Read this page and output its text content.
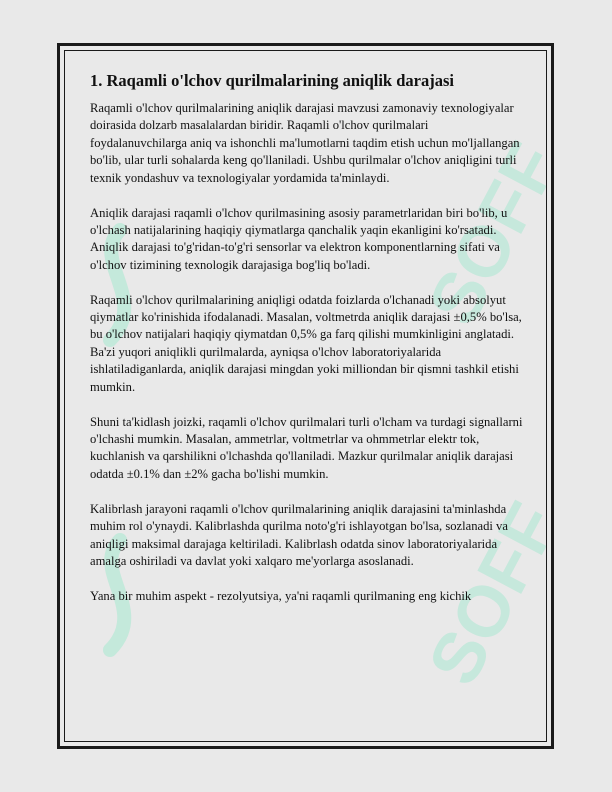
SOFF
SOFF
1. Raqamli o'lchov qurilmalarining aniqlik darajasi

Raqamli o'lchov qurilmalarining aniqlik darajasi mavzusi zamonaviy texnologiyalar doirasida dolzarb masalalardan biridir. Raqamli o'lchov qurilmalari foydalanuvchilarga aniq va ishonchli ma'lumotlarni taqdim etish uchun mo'ljallangan bo'lib, ular turli sohalarda keng qo'llaniladi. Ushbu qurilmalar o'lchov aniqligini turli texnik yondashuv va texnologiyalar yordamida ta'minlaydi.

Aniqlik darajasi raqamli o'lchov qurilmasining asosiy parametrlaridan biri bo'lib, u o'lchash natijalarining haqiqiy qiymatlarga qanchalik yaqin ekanligini ko'rsatadi. Aniqlik darajasi to'g'ridan-to'g'ri sensorlar va elektron komponentlarning sifati va o'lchov tizimining texnologik darajasiga bog'liq bo'ladi.

Raqamli o'lchov qurilmalarining aniqligi odatda foizlarda o'lchanadi yoki absolyut qiymatlar ko'rinishida ifodalanadi. Masalan, voltmetrda aniqlik darajasi ±0,5% bo'lsa, bu o'lchov natijalari haqiqiy qiymatdan 0,5% ga farq qilishi mumkinligini anglatadi. Ba'zi yuqori aniqlikli qurilmalarda, ayniqsa o'lchov laboratoriyalarida ishlatiladiganlarda, aniqlik darajasi mingdan yoki milliondan bir qismni tashkil etishi mumkin.

Shuni ta'kidlash joizki, raqamli o'lchov qurilmalari turli o'lcham va turdagi signallarni o'lchashi mumkin. Masalan, ammetrlar, voltmetrlar va ohmmetrlar elektr tok, kuchlanish va qarshilikni o'lchashda qo'llaniladi. Mazkur qurilmalar aniqlik darajasi odatda ±0.1% dan ±2% gacha bo'lishi mumkin.

Kalibrlash jarayoni raqamli o'lchov qurilmalarining aniqlik darajasini ta'minlashda muhim rol o'ynaydi. Kalibrlashda qurilma noto'g'ri ishlayotgan bo'lsa, sozlanadi va aniqligi maksimal darajaga keltiriladi. Kalibrlash odatda sinov laboratoriyalarida amalga oshiriladi va davlat yoki xalqaro me'yorlarga asoslanadi.

Yana bir muhim aspekt - rezolyutsiya, ya'ni raqamli qurilmaning eng kichik
